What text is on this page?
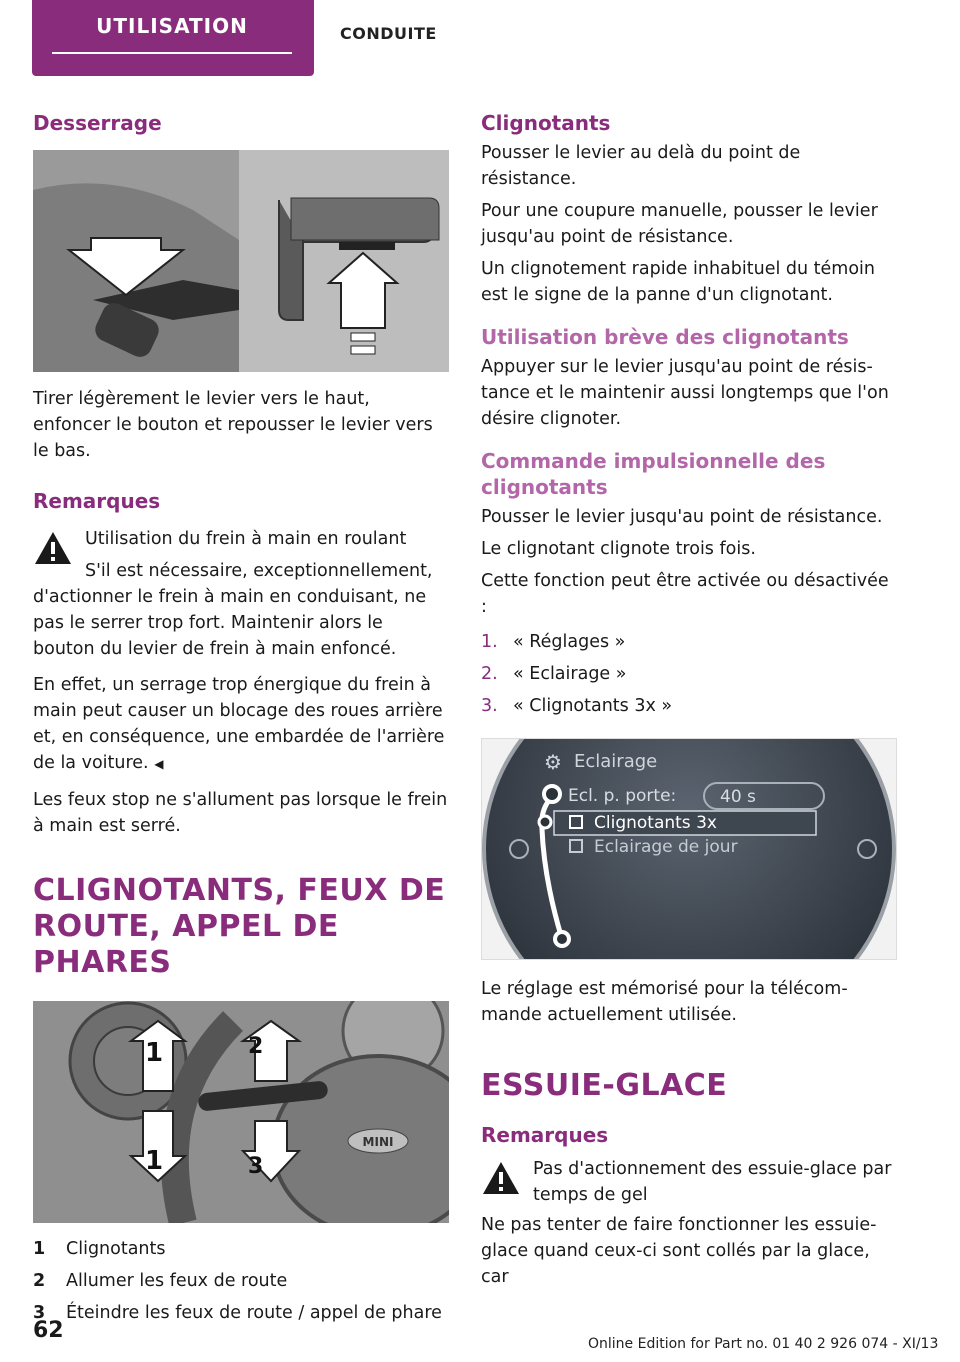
UTILISATION	CONDUITE
Desserrage

Tirer légèrement le levier vers le haut, enfoncer le bouton et repousser le levier vers le bas.

Remarques

Utilisation du frein à main en roulant

S'il est nécessaire, exceptionnellement, d'actionner le frein à main en conduisant, ne pas le serrer trop fort. Maintenir alors le bouton du levier de frein à main enfoncé.

En effet, un serrage trop énergique du frein à main peut causer un blocage des roues arrière et, en conséquence, une embardée de l'arrière de la voiture. ◀

Les feux stop ne s'allument pas lorsque le frein à main est serré.

CLIGNOTANTS, FEUX DE
ROUTE, APPEL DE PHARES
MINI
1	2
3
1
1 Clignotants
2 Allumer les feux de route
3 Éteindre les feux de route / appel de phare
Clignotants

Pousser le levier au delà du point de résistance.

Pour une coupure manuelle, pousser le levier jusqu'au point de résistance.

Un clignotement rapide inhabituel du témoin est le signe de la panne d'un clignotant.

Utilisation brève des clignotants

Appuyer sur le levier jusqu'au point de résistance et le maintenir aussi longtemps que l'on désire clignoter.

Commande impulsionnelle des
clignotants

Pousser le levier jusqu'au point de résistance.

Le clignotant clignote trois fois.

Cette fonction peut être activée ou désactivée :

1. « Réglages »
2. « Eclairage »
3. « Clignotants 3x »
⚙ Eclairage
Ecl. p. porte:	40 s
Clignotants 3x
Eclairage de jour

Le réglage est mémorisé pour la télécommande actuellement utilisée.

ESSUIE-GLACE
Remarques

Pas d'actionnement des essuie-glace par temps de gel

Ne pas tenter de faire fonctionner les essuie-glace quand ceux-ci sont collés par la glace, car

62
Online Edition for Part no. 01 40 2 926 074 - XI/13
